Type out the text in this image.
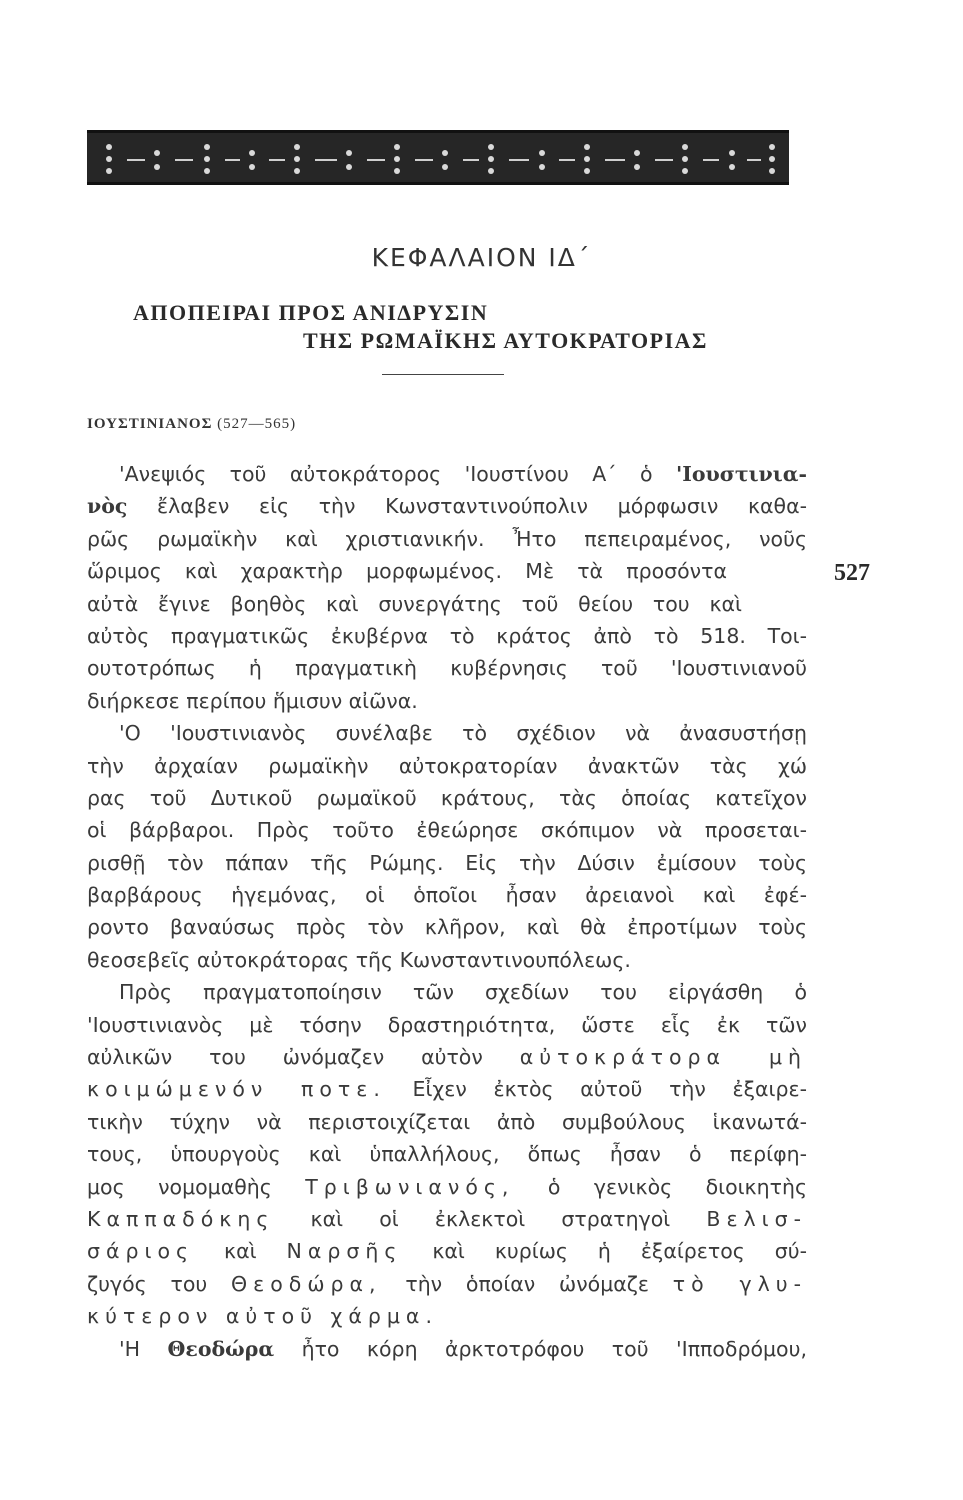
ΚΕΦΑΛΑΙΟΝ ΙΔ΄
ΑΠΟΠΕΙΡΑΙ ΠΡΟΣ ΑΝΙΔΡΥΣΙΝ
ΤΗΣ ΡΩΜΑΪΚΗΣ ΑΥΤΟΚΡΑΤΟΡΙΑΣ
ΙΟΥΣΤΙΝΙΑΝΟΣ (527—565)
527
'Ανεψιός τοῦ αὐτοκράτορος 'Ιουστίνου Α΄ ὁ 'Ιουστινια-
νὸς ἔλαβεν εἰς τὴν Κωνσταντινούπολιν μόρφωσιν καθα-
ρῶς ρωμαϊκὴν καὶ χριστιανικήν. Ἦτο πεπειραμένος, νοῦς
ὥριμος καὶ χαρακτὴρ μορφωμένος. Μὲ τὰ προσόντα
αὐτὰ ἔγινε βοηθὸς καὶ συνεργάτης τοῦ θείου του καὶ
αὐτὸς πραγματικῶς ἐκυβέρνα τὸ κράτος ἀπὸ τὸ 518. Τοι-
ουτοτρόπως ἡ πραγματικὴ κυβέρνησις τοῦ 'Ιουστινιανοῦ
διήρκεσε περίπου ἥμισυν αἰῶνα.
'Ο 'Ιουστινιανὸς συνέλαβε τὸ σχέδιον νὰ ἀνασυστήσῃ
τὴν ἀρχαίαν ρωμαϊκὴν αὐτοκρατορίαν ἀνακτῶν τὰς χώ
ρας τοῦ Δυτικοῦ ρωμαϊκοῦ κράτους, τὰς ὁποίας κατεῖχον
οἱ βάρβαροι. Πρὸς τοῦτο ἐθεώρησε σκόπιμον νὰ προσεται-
ρισθῇ τὸν πάπαν τῆς Ρώμης. Εἰς τὴν Δύσιν ἐμίσουν τοὺς
βαρβάρους ἡγεμόνας, οἱ ὁποῖοι ἦσαν ἀρειανοὶ καὶ ἐφέ-
ροντο βαναύσως πρὸς τὸν κλῆρον, καὶ θὰ ἐπροτίμων τοὺς
θεοσεβεῖς αὐτοκράτορας τῆς Κωνσταντινουπόλεως.
Πρὸς πραγματοποίησιν τῶν σχεδίων του εἰργάσθη ὁ
'Ιουστινιανὸς μὲ τόσην δραστηριότητα, ὥστε εἷς ἐκ τῶν
αὐλικῶν του ὠνόμαζεν αὐτὸν αὐτοκράτορα μὴ
κοιμώμενόν ποτε. Εἶχεν ἐκτὸς αὐτοῦ τὴν ἐξαιρε-
τικὴν τύχην νὰ περιστοιχίζεται ἀπὸ συμβούλους ἱκανωτά-
τους, ὑπουργοὺς καὶ ὑπαλλήλους, ὅπως ἦσαν ὁ περίφη-
μος νομομαθὴς Τριβωνιανός, ὁ γενικὸς διοικητὴς
Καππαδόκης καὶ οἱ ἐκλεκτοὶ στρατηγοὶ Βελισ-
σάριος καὶ Ναρσῆς καὶ κυρίως ἡ ἐξαίρετος σύ-
ζυγός του Θεοδώρα, τὴν ὁποίαν ὠνόμαζε τὸ γλυ-
κύτερον αὐτοῦ χάρμα.
'Η Θεοδώρα ἦτο κόρη ἀρκτοτρόφου τοῦ 'Ιπποδρόμου,
